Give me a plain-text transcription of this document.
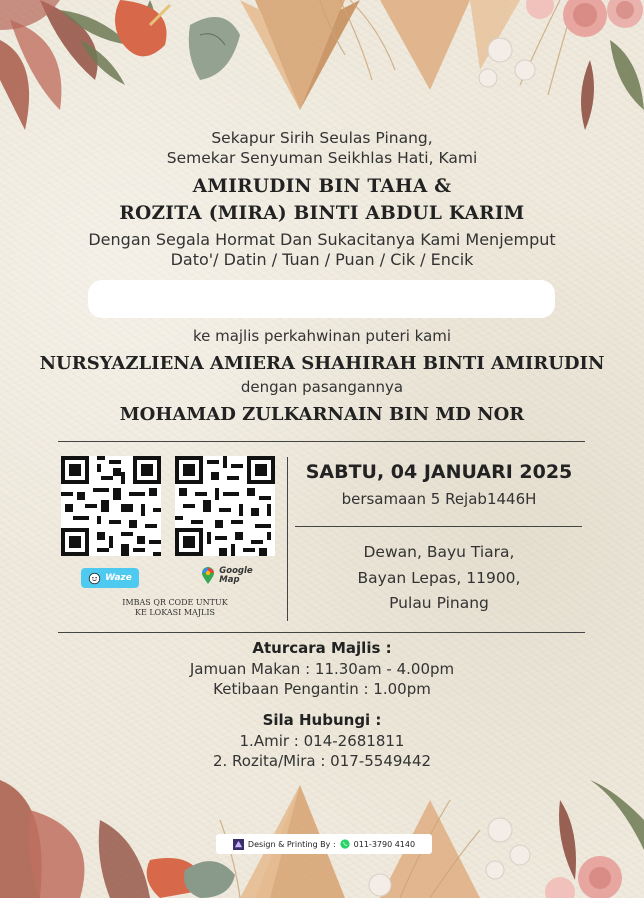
Sekapur Sirih Seulas Pinang,
Semekar Senyuman Seikhlas Hati, Kami
AMIRUDIN BIN TAHA &
ROZITA (MIRA) BINTI ABDUL KARIM
Dengan Segala Hormat Dan Sukacitanya Kami Menjemput
Dato'/ Datin / Tuan / Puan / Cik / Encik
ke majlis perkahwinan puteri kami
NURSYAZLIENA AMIERA SHAHIRAH BINTI AMIRUDIN
dengan pasangannya
MOHAMAD ZULKARNAIN BIN MD NOR
Waze
Google
Map
IMBAS QR CODE UNTUK
KE LOKASI MAJLIS
SABTU, 04 JANUARI 2025
bersamaan 5 Rejab1446H
Dewan, Bayu Tiara,
Bayan Lepas, 11900,
Pulau Pinang
Aturcara Majlis :
Jamuan Makan : 11.30am - 4.00pm
Ketibaan Pengantin : 1.00pm
Sila Hubungi :
1.Amir : 014-2681811
2. Rozita/Mira : 017-5549442
Design & Printing By : 011-3790 4140
